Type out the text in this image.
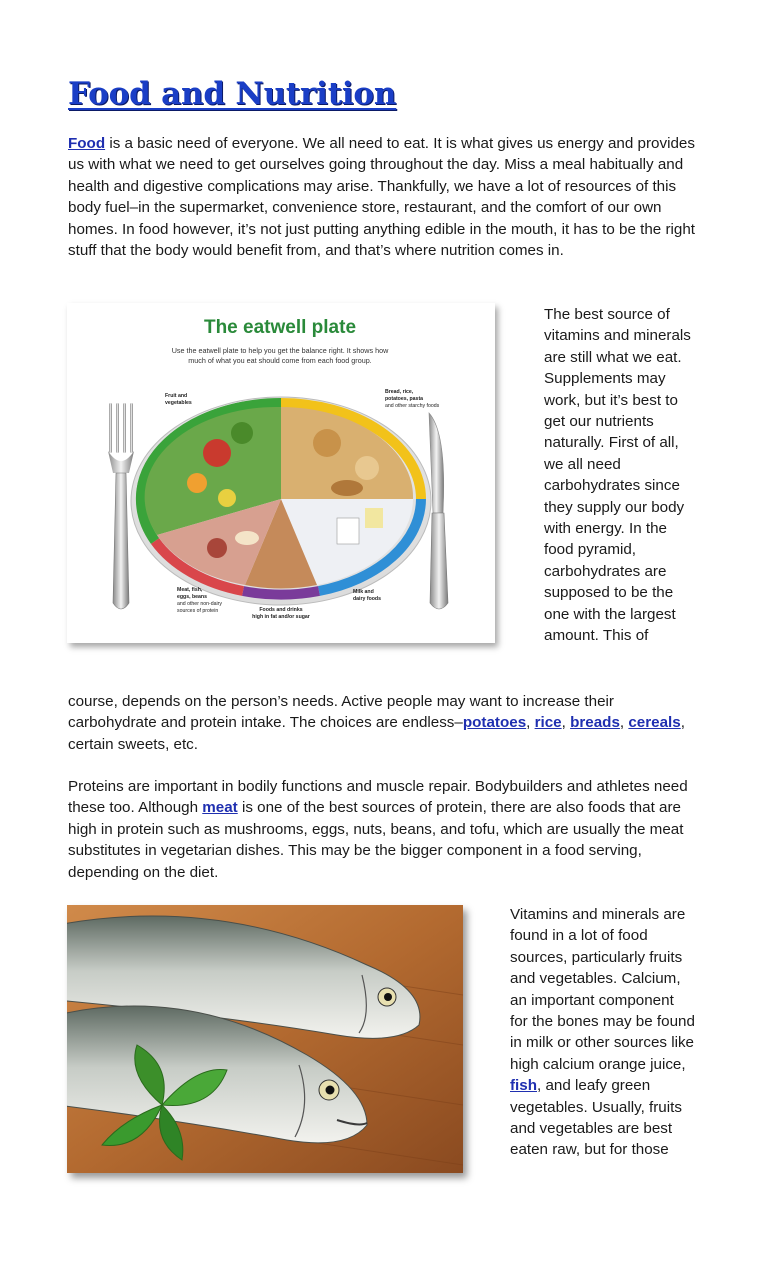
Food and Nutrition

Food is a basic need of everyone. We all need to eat. It is what gives us energy and provides us with what we need to get ourselves going throughout the day. Miss a meal habitually and health and digestive complications may arise. Thankfully, we have a lot of resources of this body fuel–in the supermarket, convenience store, restaurant, and the comfort of our own homes. In food however, it’s not just putting anything edible in the mouth, it has to be the right stuff that the body would benefit from, and that’s where nutrition comes in.

The eatwell plate
Use the eatwell plate to help you get the balance right. It shows how
much of what you eat should come from each food group.
Fruit and
vegetables
Bread, rice,
potatoes, pasta
and other starchy foods
Meat, fish,
eggs, beans
and other non-dairy
sources of protein	Foods and drinks
high in fat and/or sugar
Milk and
dairy foods
The best source of vitamins and minerals are still what we eat. Supplements may work, but it’s best to get our nutrients naturally. First of all, we all need carbohydrates since they supply our body with energy. In the food pyramid, carbohydrates are supposed to be the one with the largest amount. This of

course, depends on the person’s needs. Active people may want to increase their carbohydrate and protein intake. The choices are endless–potatoes, rice, breads, cereals, certain sweets, etc.

Proteins are important in bodily functions and muscle repair. Bodybuilders and athletes need these too. Although meat is one of the best sources of protein, there are also foods that are high in protein such as mushrooms, eggs, nuts, beans, and tofu, which are usually the meat substitutes in vegetarian dishes. This may be the bigger component in a food serving, depending on the diet.

Vitamins and minerals are found in a lot of food sources, particularly fruits and vegetables. Calcium, an important component for the bones may be found in milk or other sources like high calcium orange juice, fish, and leafy green vegetables. Usually, fruits and vegetables are best eaten raw, but for those
